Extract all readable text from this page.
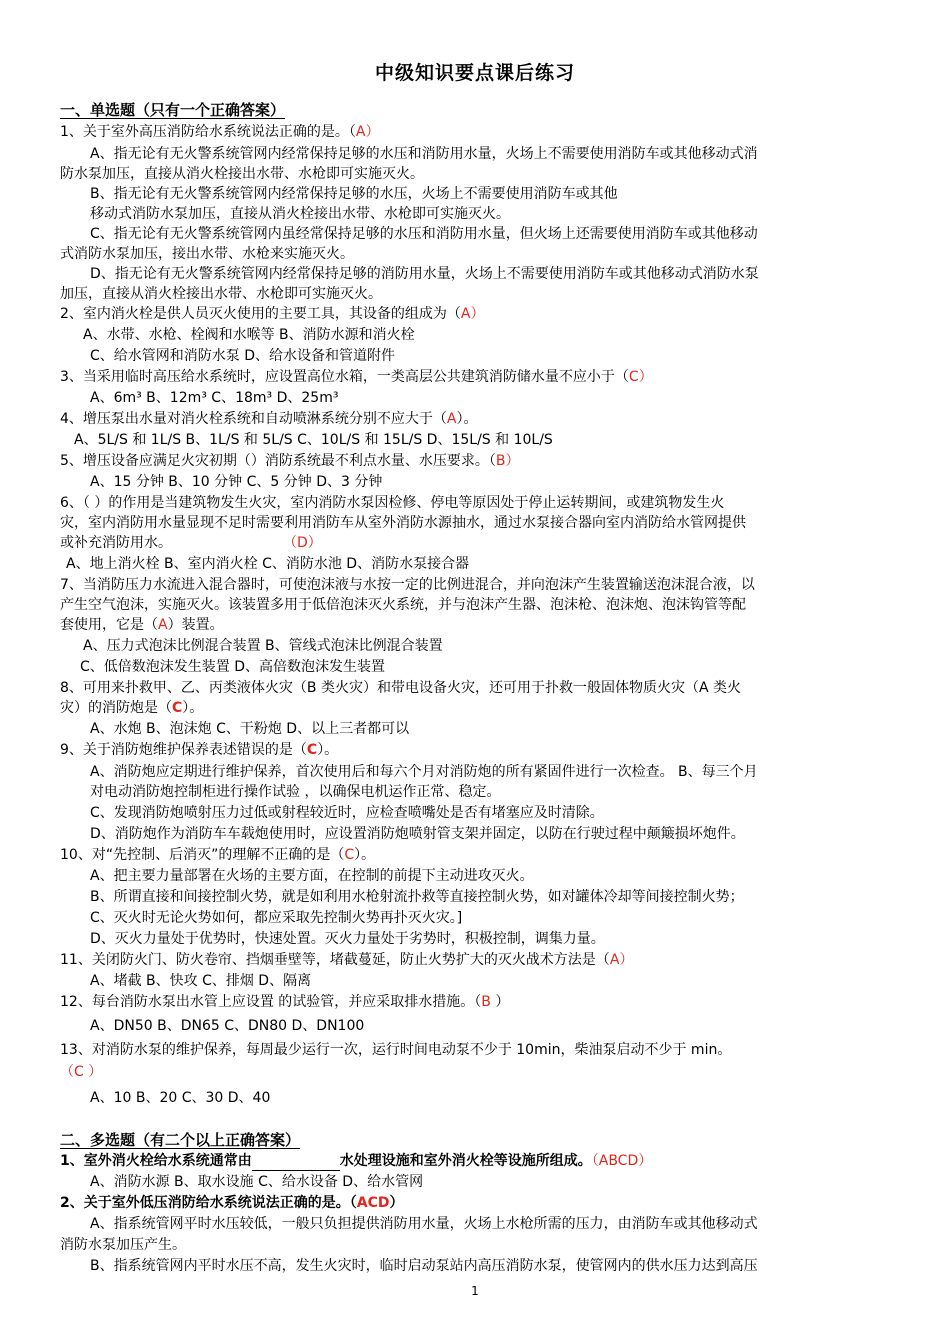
中级知识要点课后练习
一、单选题（只有一个正确答案）
1、关于室外高压消防给水系统说法正确的是。（A）
A、指无论有无火警系统管网内经常保持足够的水压和消防用水量，火场上不需要使用消防车或其他移动式消
防水泵加压，直接从消火栓接出水带、水枪即可实施灭火。
B、指无论有无火警系统管网内经常保持足够的水压，火场上不需要使用消防车或其他
移动式消防水泵加压，直接从消火栓接出水带、水枪即可实施灭火。
C、指无论有无火警系统管网内虽经常保持足够的水压和消防用水量，但火场上还需要使用消防车或其他移动
式消防水泵加压，接出水带、水枪来实施灭火。
D、指无论有无火警系统管网内经常保持足够的消防用水量，火场上不需要使用消防车或其他移动式消防水泵
加压，直接从消火栓接出水带、水枪即可实施灭火。
2、室内消火栓是供人员灭火使用的主要工具，其设备的组成为（A）
A、水带、水枪、栓阀和水喉等 B、消防水源和消火栓
C、给水管网和消防水泵 D、给水设备和管道附件
3、当采用临时高压给水系统时，应设置高位水箱，一类高层公共建筑消防储水量不应小于（C）
A、6m³ B、12m³ C、18m³ D、25m³
4、增压泵出水量对消火栓系统和自动喷淋系统分别不应大于（A）。
A、5L/S 和 1L/S B、1L/S 和 5L/S C、10L/S 和 15L/S D、15L/S 和 10L/S
5、增压设备应满足火灾初期（）消防系统最不利点水量、水压要求。（B）
A、15 分钟 B、10 分钟 C、5 分钟 D、3 分钟
6、（ ）的作用是当建筑物发生火灾，室内消防水泵因检修、停电等原因处于停止运转期间，或建筑物发生火
灾，室内消防用水量显现不足时需要利用消防车从室外消防水源抽水，通过水泵接合器向室内消防给水管网提供
或补充消防用水。	（D）
A、地上消火栓 B、室内消火栓 C、消防水池 D、消防水泵接合器
7、当消防压力水流进入混合器时，可使泡沫液与水按一定的比例进混合，并向泡沫产生装置输送泡沫混合液，以
产生空气泡沫，实施灭火。该装置多用于低倍泡沫灭火系统，并与泡沫产生器、泡沫枪、泡沫炮、泡沫钩管等配
套使用，它是（A）装置。
A、压力式泡沫比例混合装置 B、管线式泡沫比例混合装置
C、低倍数泡沫发生装置 D、高倍数泡沫发生装置
8、可用来扑救甲、乙、丙类液体火灾（B 类火灾）和带电设备火灾，还可用于扑救一般固体物质火灾（A 类火
灾）的消防炮是（C）。
A、水炮 B、泡沫炮 C、干粉炮 D、以上三者都可以
9、关于消防炮维护保养表述错误的是（C）。
A、消防炮应定期进行维护保养，首次使用后和每六个月对消防炮的所有紧固件进行一次检查。 B、每三个月
对电动消防炮控制柜进行操作试验 ，以确保电机运作正常、稳定。
C、发现消防炮喷射压力过低或射程较近时，应检查喷嘴处是否有堵塞应及时清除。
D、消防炮作为消防车车载炮使用时，应设置消防炮喷射管支架并固定，以防在行驶过程中颠簸损坏炮件。
10、对“先控制、后消灭”的理解不正确的是（C）。
A、把主要力量部署在火场的主要方面，在控制的前提下主动进攻灭火。
B、所谓直接和间接控制火势，就是如利用水枪射流扑救等直接控制火势，如对罐体冷却等间接控制火势；
C、灭火时无论火势如何，都应采取先控制火势再扑灭火灾。]
D、灭火力量处于优势时，快速处置。灭火力量处于劣势时，积极控制，调集力量。
11、关闭防火门、防火卷帘、挡烟垂壁等，堵截蔓延，防止火势扩大的灭火战术方法是（A）
A、堵截 B、快攻 C、排烟 D、隔离
12、每台消防水泵出水管上应设置 的试验管，并应采取排水措施。（B ）
A、DN50 B、DN65 C、DN80 D、DN100
13、对消防水泵的维护保养，每周最少运行一次，运行时间电动泵不少于 10min，柴油泵启动不少于 min。
（C ）
A、10 B、20 C、30 D、40
二、多选题（有二个以上正确答案）
1、室外消火栓给水系统通常由	水处理设施和室外消火栓等设施所组成。（ABCD）
A、消防水源 B、取水设施 C、给水设备 D、给水管网
2、关于室外低压消防给水系统说法正确的是。（ACD）
A、指系统管网平时水压较低，一般只负担提供消防用水量，火场上水枪所需的压力，由消防车或其他移动式
消防水泵加压产生。
B、指系统管网内平时水压不高，发生火灾时，临时启动泵站内高压消防水泵，使管网内的供水压力达到高压
1
